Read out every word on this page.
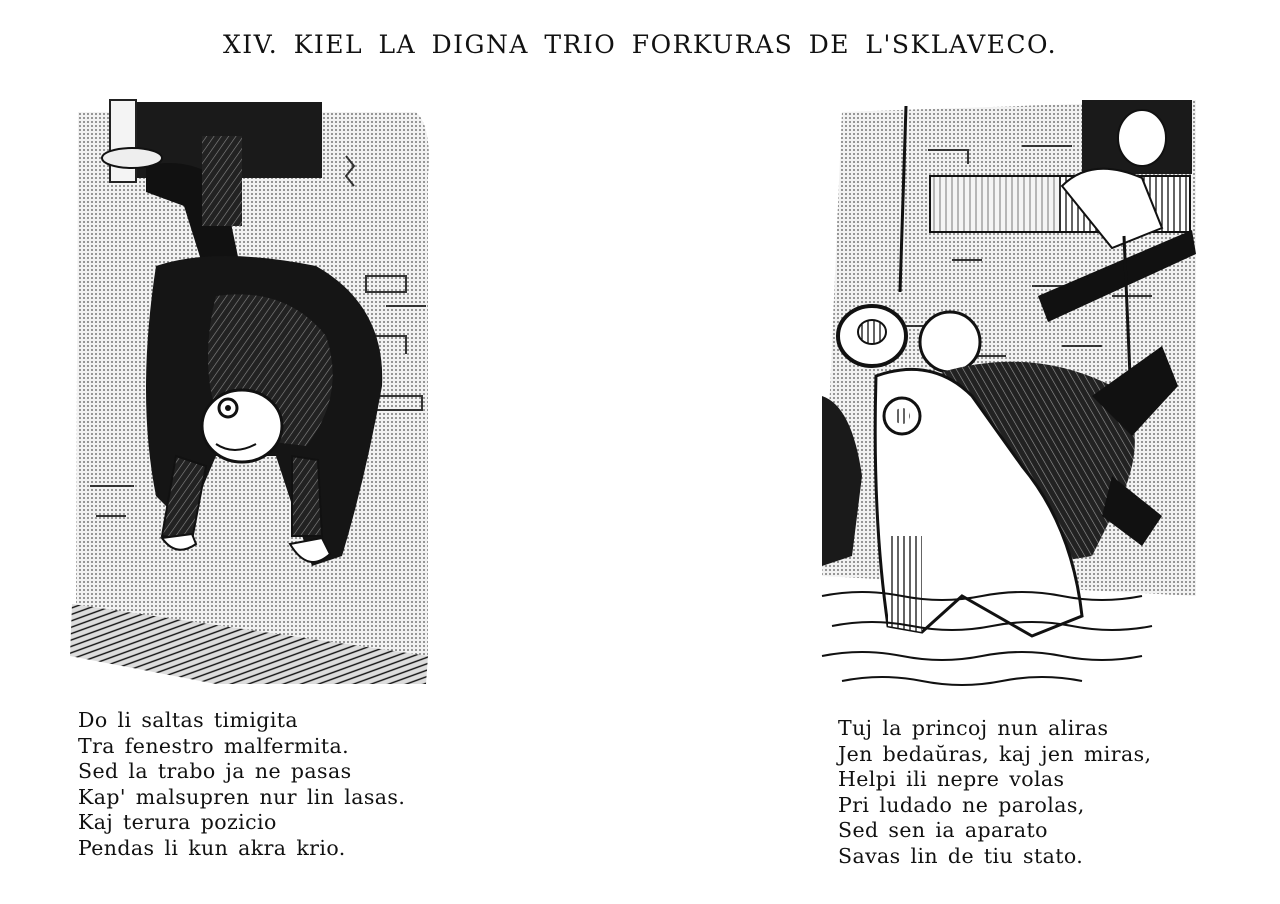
XIV. KIEL LA DIGNA TRIO FORKURAS DE L'SKLAVECO.
Do li saltas timigita
Tra fenestro malfermita.
Sed la trabo ja ne pasas
Kap' malsupren nur lin lasas.
Kaj terura pozicio
Pendas li kun akra krio.
Tuj la princoj nun aliras
Jen bedaŭras, kaj jen miras,
Helpi ili nepre volas
Pri ludado ne parolas,
Sed sen ia aparato
Savas lin de tiu stato.
